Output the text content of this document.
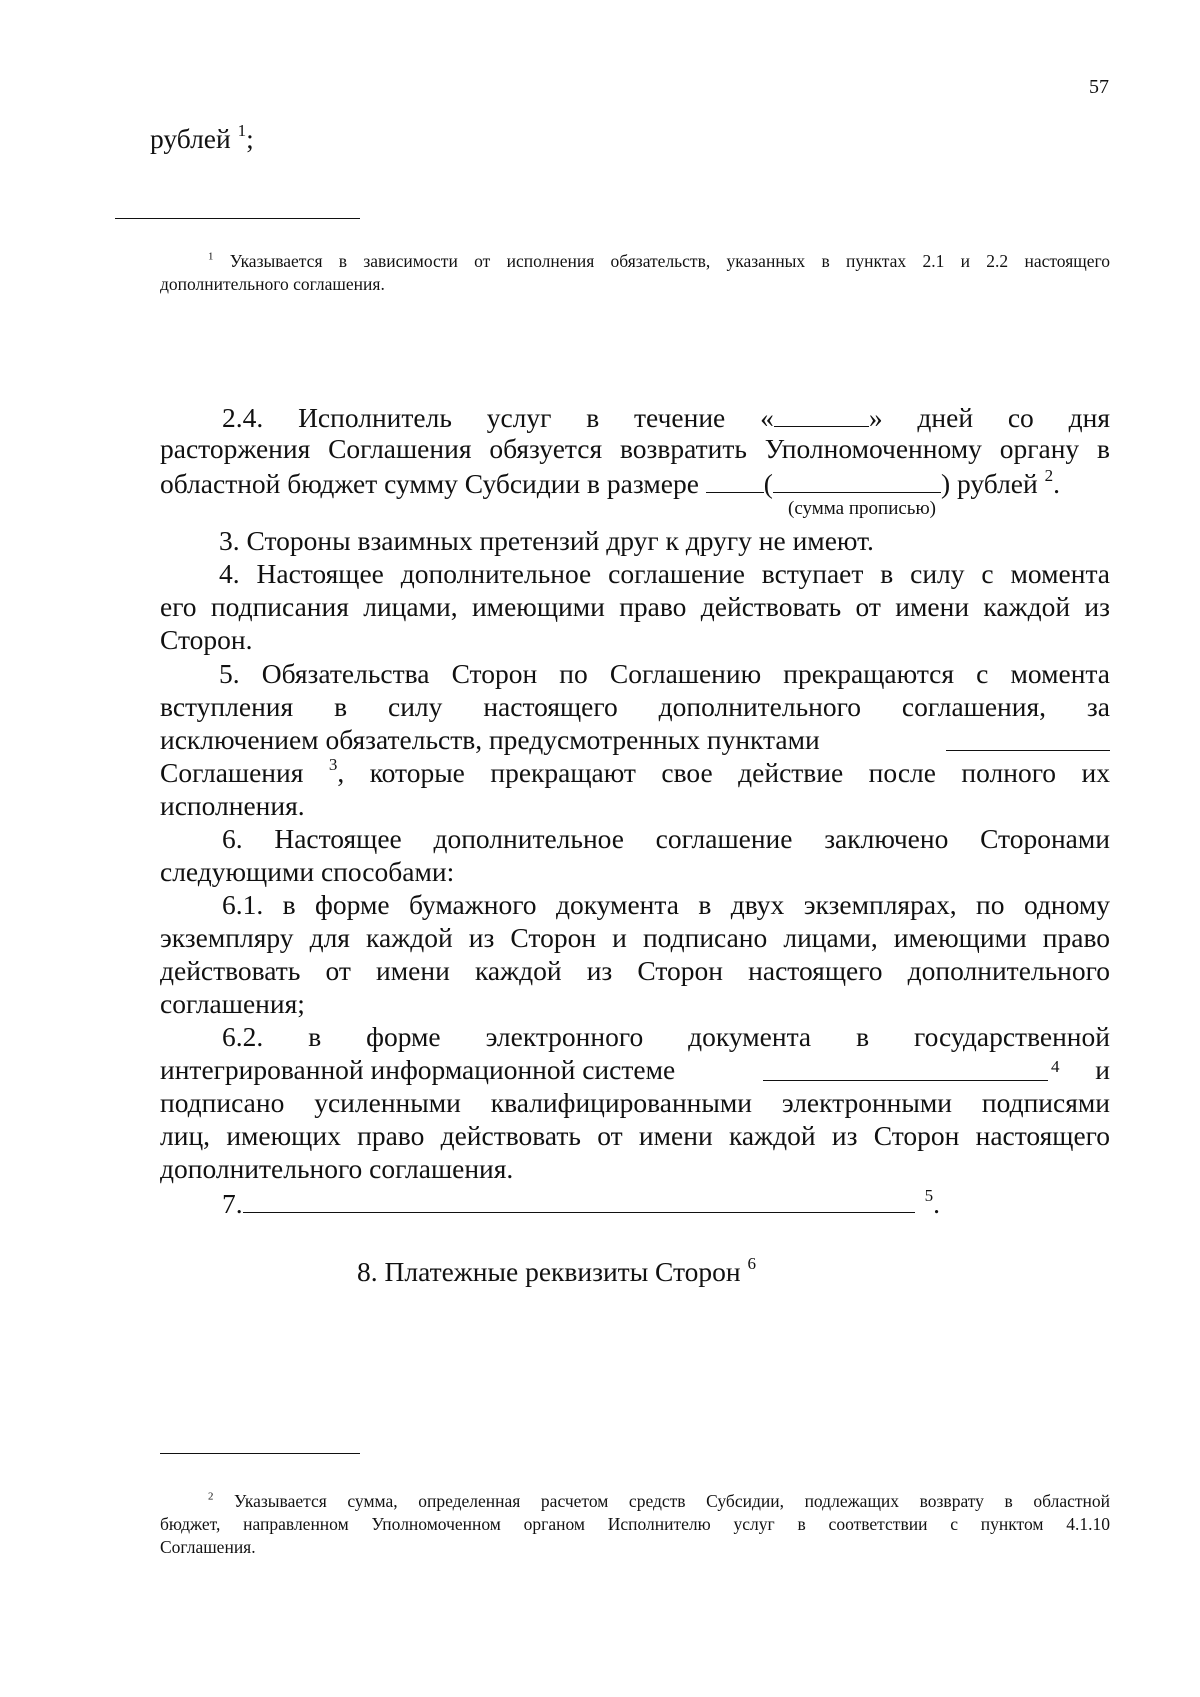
57
рублей $^1$;
$^1$ Указывается в зависимости от исполнения обязательств, указанных в пунктах 2.1 и 2.2 настоящего
дополнительного соглашения.
2.4. Исполнитель услуг в течение «	» дней со дня
расторжения Соглашения обязуется возвратить Уполномоченному органу в
областной бюджет сумму Субсидии в размере (	) рублей $^2$.
(сумма прописью)
3. Стороны взаимных претензий друг к другу не имеют.
4. Настоящее дополнительное соглашение вступает в силу с момента
его подписания лицами, имеющими право действовать от имени каждой из
Сторон.
5. Обязательства Сторон по Соглашению прекращаются с момента
вступления в силу настоящего дополнительного соглашения, за
исключением обязательств, предусмотренных пунктами
Соглашения $^3$, которые прекращают свое действие после полного их
исполнения.
6. Настоящее дополнительное соглашение заключено Сторонами
следующими способами:
6.1. в форме бумажного документа в двух экземплярах, по одному
экземпляру для каждой из Сторон и подписано лицами, имеющими право
действовать от имени каждой из Сторон настоящего дополнительного
соглашения;
6.2. в форме электронного документа в государственной
интегрированной информационной системе	4 и
подписано усиленными квалифицированными электронными подписями
лиц, имеющих право действовать от имени каждой из Сторон настоящего
дополнительного соглашения.
7.	$^5$.
8. Платежные реквизиты Сторон $^6$
$^2$ Указывается сумма, определенная расчетом средств Субсидии, подлежащих возврату в областной
бюджет, направленном Уполномоченном органом Исполнителю услуг в соответствии с пунктом 4.1.10
Соглашения.
